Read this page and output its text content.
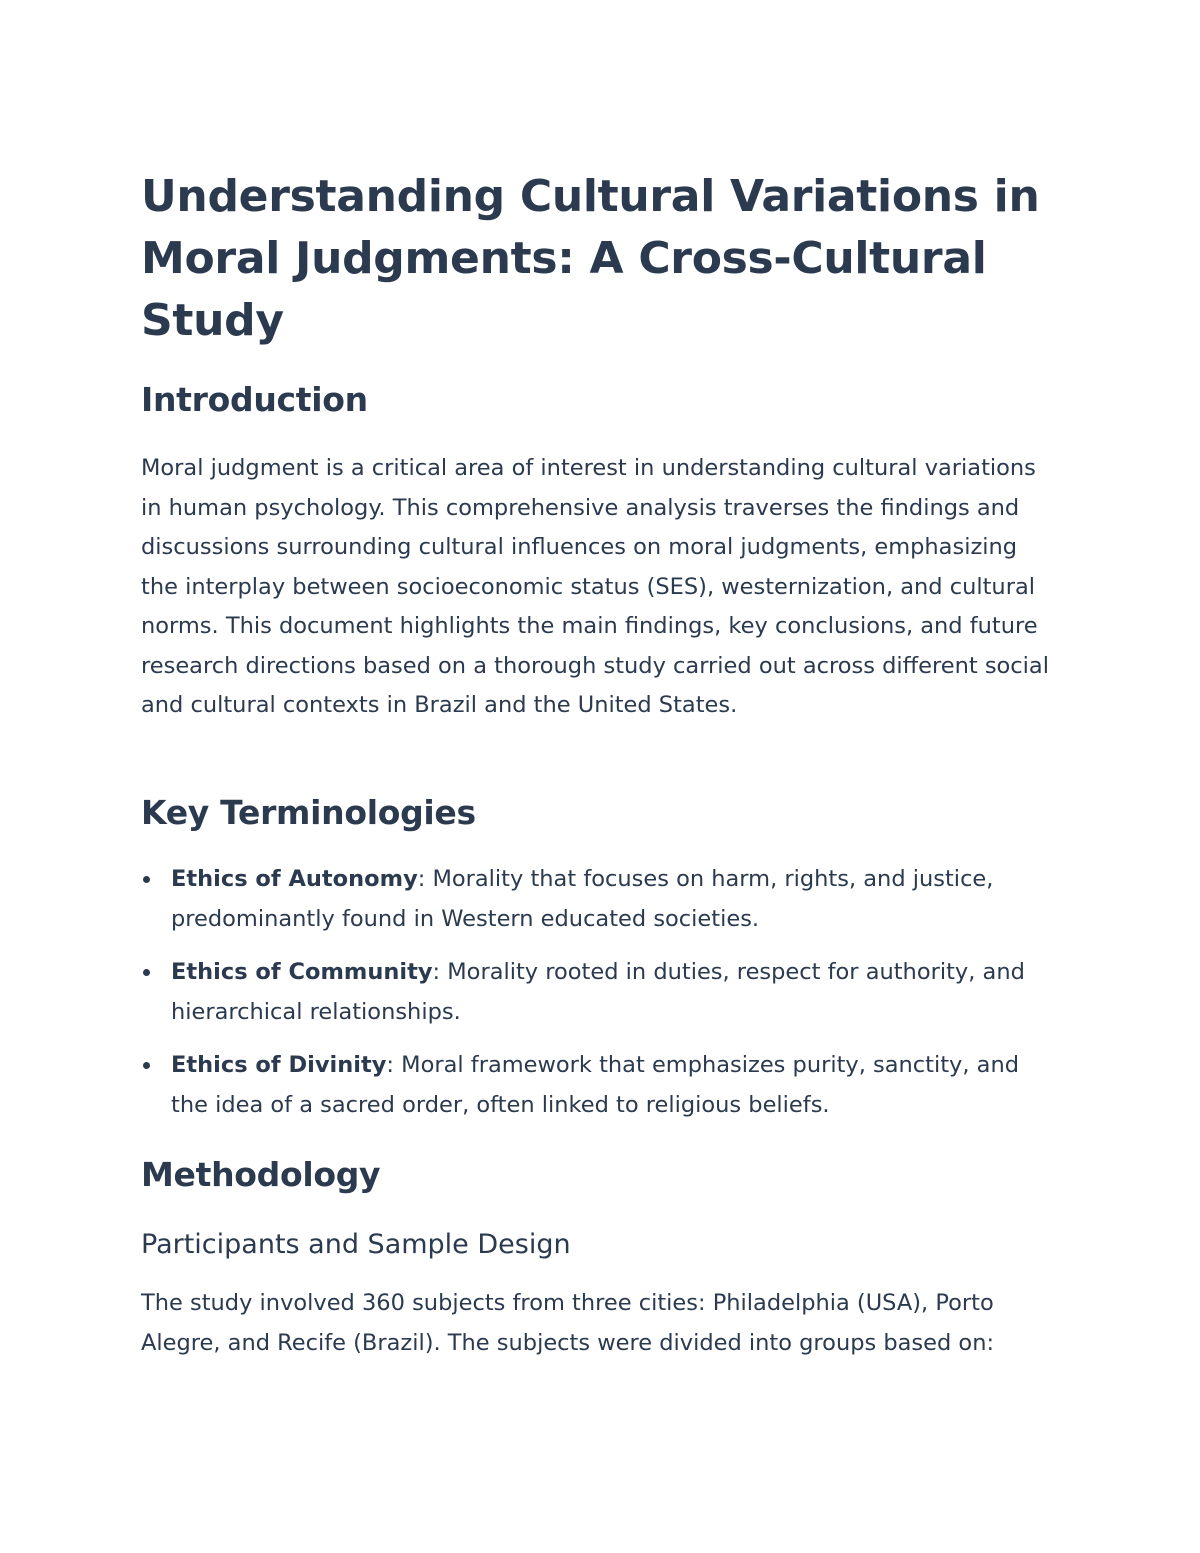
Understanding Cultural Variations in Moral Judgments: A Cross-Cultural Study
Introduction

Moral judgment is a critical area of interest in understanding cultural variations in human psychology. This comprehensive analysis traverses the findings and discussions surrounding cultural influences on moral judgments, emphasizing the interplay between socioeconomic status (SES), westernization, and cultural norms. This document highlights the main findings, key conclusions, and future research directions based on a thorough study carried out across different social and cultural contexts in Brazil and the United States.

Key Terminologies
Ethics of Autonomy: Morality that focuses on harm, rights, and justice, predominantly found in Western educated societies.
Ethics of Community: Morality rooted in duties, respect for authority, and hierarchical relationships.
Ethics of Divinity: Moral framework that emphasizes purity, sanctity, and the idea of a sacred order, often linked to religious beliefs.
Methodology
Participants and Sample Design

The study involved 360 subjects from three cities: Philadelphia (USA), Porto Alegre, and Recife (Brazil). The subjects were divided into groups based on:
